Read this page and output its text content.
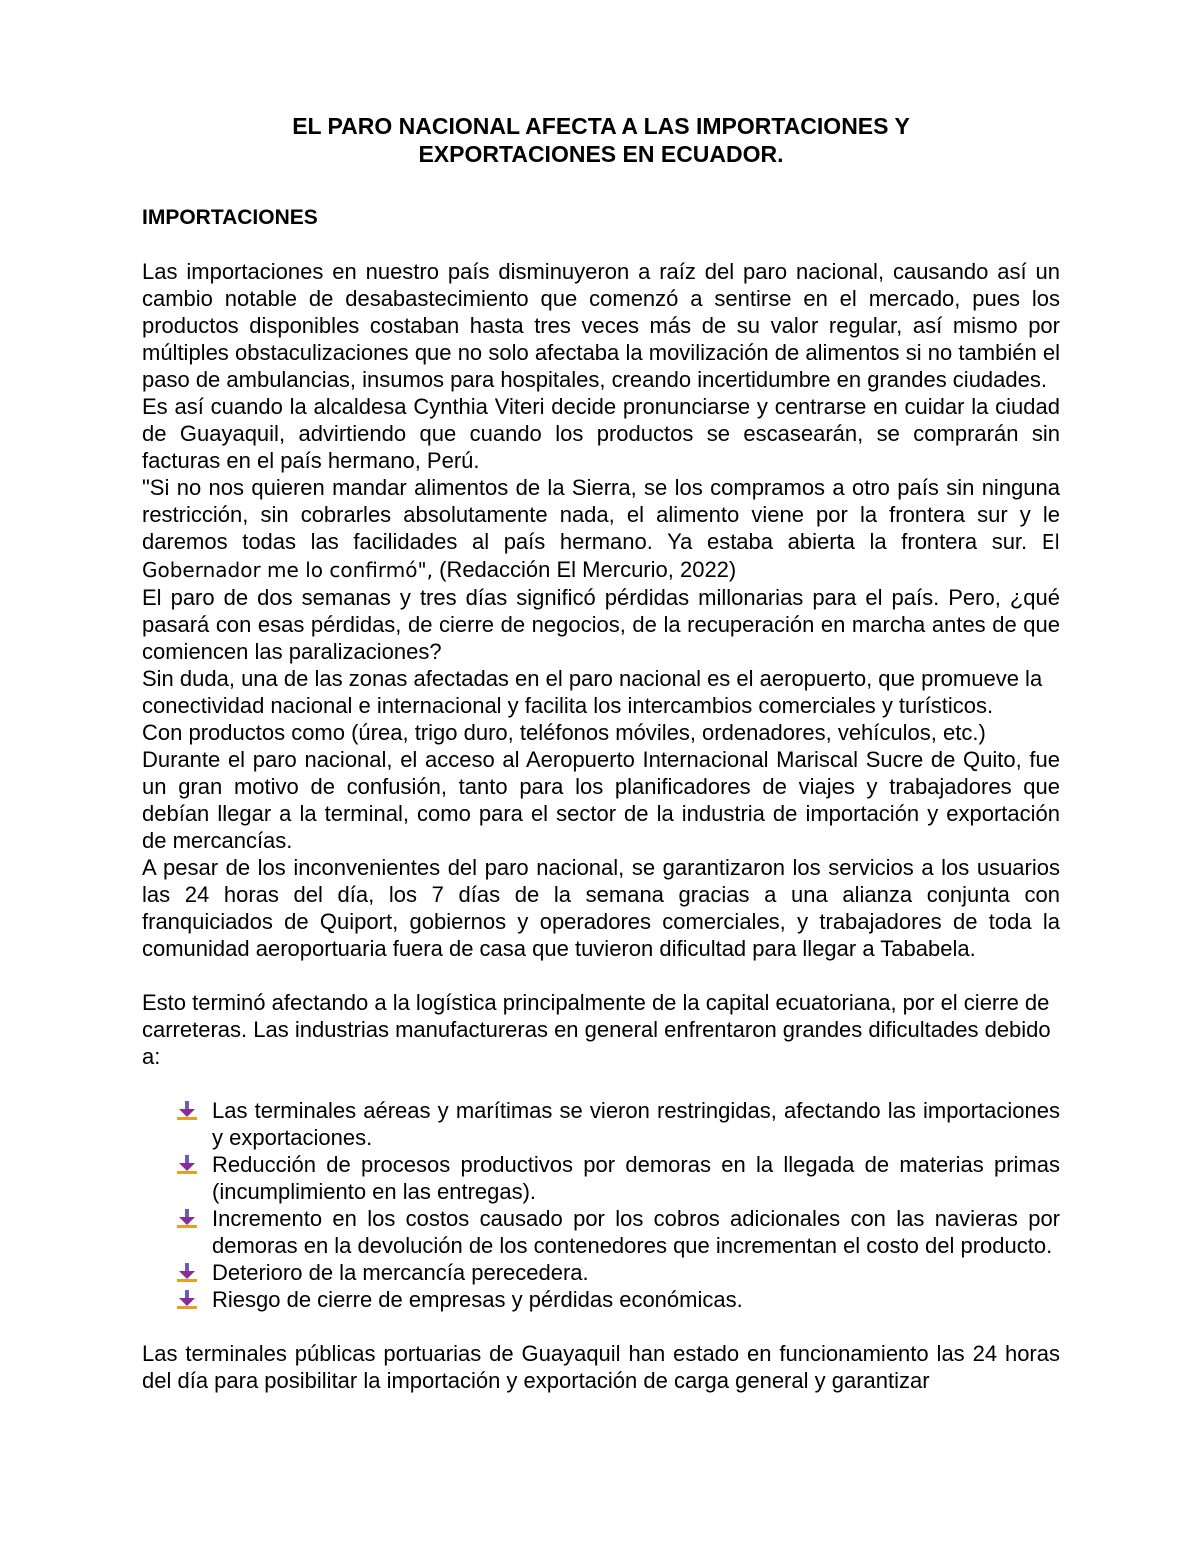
EL PARO NACIONAL AFECTA A LAS IMPORTACIONES Y
EXPORTACIONES EN ECUADOR.
IMPORTACIONES

Las importaciones en nuestro país disminuyeron a raíz del paro nacional, causando así un cambio notable de desabastecimiento que comenzó a sentirse en el mercado, pues los productos disponibles costaban hasta tres veces más de su valor regular, así mismo por múltiples obstaculizaciones que no solo afectaba la movilización de alimentos si no también el paso de ambulancias, insumos para hospitales, creando incertidumbre en grandes ciudades.

Es así cuando la alcaldesa Cynthia Viteri decide pronunciarse y centrarse en cuidar la ciudad de Guayaquil, advirtiendo que cuando los productos se escasearán, se comprarán sin facturas en el país hermano, Perú.

"Si no nos quieren mandar alimentos de la Sierra, se los compramos a otro país sin ninguna restricción, sin cobrarles absolutamente nada, el alimento viene por la frontera sur y le daremos todas las facilidades al país hermano. Ya estaba abierta la frontera sur. El Gobernador me lo confirmó", (Redacción El Mercurio, 2022)

El paro de dos semanas y tres días significó pérdidas millonarias para el país. Pero, ¿qué pasará con esas pérdidas, de cierre de negocios, de la recuperación en marcha antes de que comiencen las paralizaciones?

Sin duda, una de las zonas afectadas en el paro nacional es el aeropuerto, que promueve la conectividad nacional e internacional y facilita los intercambios comerciales y turísticos.

Con productos como (úrea, trigo duro, teléfonos móviles, ordenadores, vehículos, etc.)

Durante el paro nacional, el acceso al Aeropuerto Internacional Mariscal Sucre de Quito, fue un gran motivo de confusión, tanto para los planificadores de viajes y trabajadores que debían llegar a la terminal, como para el sector de la industria de importación y exportación de mercancías.

A pesar de los inconvenientes del paro nacional, se garantizaron los servicios a los usuarios las 24 horas del día, los 7 días de la semana gracias a una alianza conjunta con franquiciados de Quiport, gobiernos y operadores comerciales, y trabajadores de toda la comunidad aeroportuaria fuera de casa que tuvieron dificultad para llegar a Tababela.

Esto terminó afectando a la logística principalmente de la capital ecuatoriana, por el cierre de carreteras. Las industrias manufactureras en general enfrentaron grandes dificultades debido a:

Las terminales aéreas y marítimas se vieron restringidas, afectando las importaciones y exportaciones.
Reducción de procesos productivos por demoras en la llegada de materias primas (incumplimiento en las entregas).
Incremento en los costos causado por los cobros adicionales con las navieras por demoras en la devolución de los contenedores que incrementan el costo del producto.
Deterioro de la mercancía perecedera.
Riesgo de cierre de empresas y pérdidas económicas.

Las terminales públicas portuarias de Guayaquil han estado en funcionamiento las 24 horas del día para posibilitar la importación y exportación de carga general y garantizar
